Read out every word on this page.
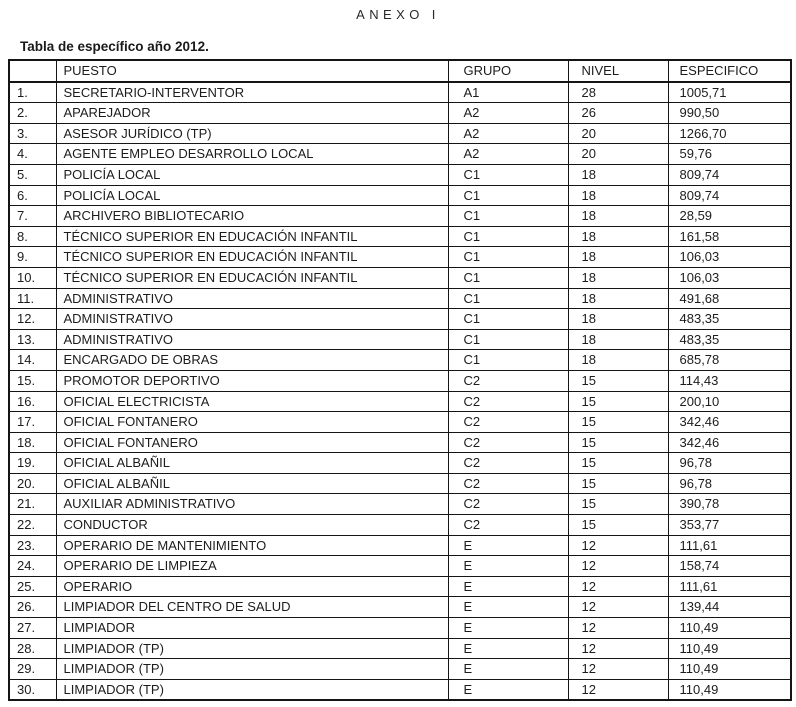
ANEXO I
Tabla de específico año 2012.
	PUESTO	GRUPO	NIVEL	ESPECIFICO
1.	SECRETARIO-INTERVENTOR	A1	28	1005,71
2.	APAREJADOR	A2	26	990,50
3.	ASESOR JURÍDICO (TP)	A2	20	1266,70
4.	AGENTE EMPLEO DESARROLLO LOCAL	A2	20	59,76
5.	POLICÍA LOCAL	C1	18	809,74
6.	POLICÍA LOCAL	C1	18	809,74
7.	ARCHIVERO BIBLIOTECARIO	C1	18	28,59
8.	TÉCNICO SUPERIOR EN EDUCACIÓN INFANTIL	C1	18	161,58
9.	TÉCNICO SUPERIOR EN EDUCACIÓN INFANTIL	C1	18	106,03
10.	TÉCNICO SUPERIOR EN EDUCACIÓN INFANTIL	C1	18	106,03
11.	ADMINISTRATIVO	C1	18	491,68
12.	ADMINISTRATIVO	C1	18	483,35
13.	ADMINISTRATIVO	C1	18	483,35
14.	ENCARGADO DE OBRAS	C1	18	685,78
15.	PROMOTOR DEPORTIVO	C2	15	114,43
16.	OFICIAL ELECTRICISTA	C2	15	200,10
17.	OFICIAL FONTANERO	C2	15	342,46
18.	OFICIAL FONTANERO	C2	15	342,46
19.	OFICIAL ALBAÑIL	C2	15	96,78
20.	OFICIAL ALBAÑIL	C2	15	96,78
21.	AUXILIAR ADMINISTRATIVO	C2	15	390,78
22.	CONDUCTOR	C2	15	353,77
23.	OPERARIO DE MANTENIMIENTO	E	12	111,61
24.	OPERARIO DE LIMPIEZA	E	12	158,74
25.	OPERARIO	E	12	111,61
26.	LIMPIADOR DEL CENTRO DE SALUD	E	12	139,44
27.	LIMPIADOR	E	12	110,49
28.	LIMPIADOR (TP)	E	12	110,49
29.	LIMPIADOR (TP)	E	12	110,49
30.	LIMPIADOR (TP)	E	12	110,49
